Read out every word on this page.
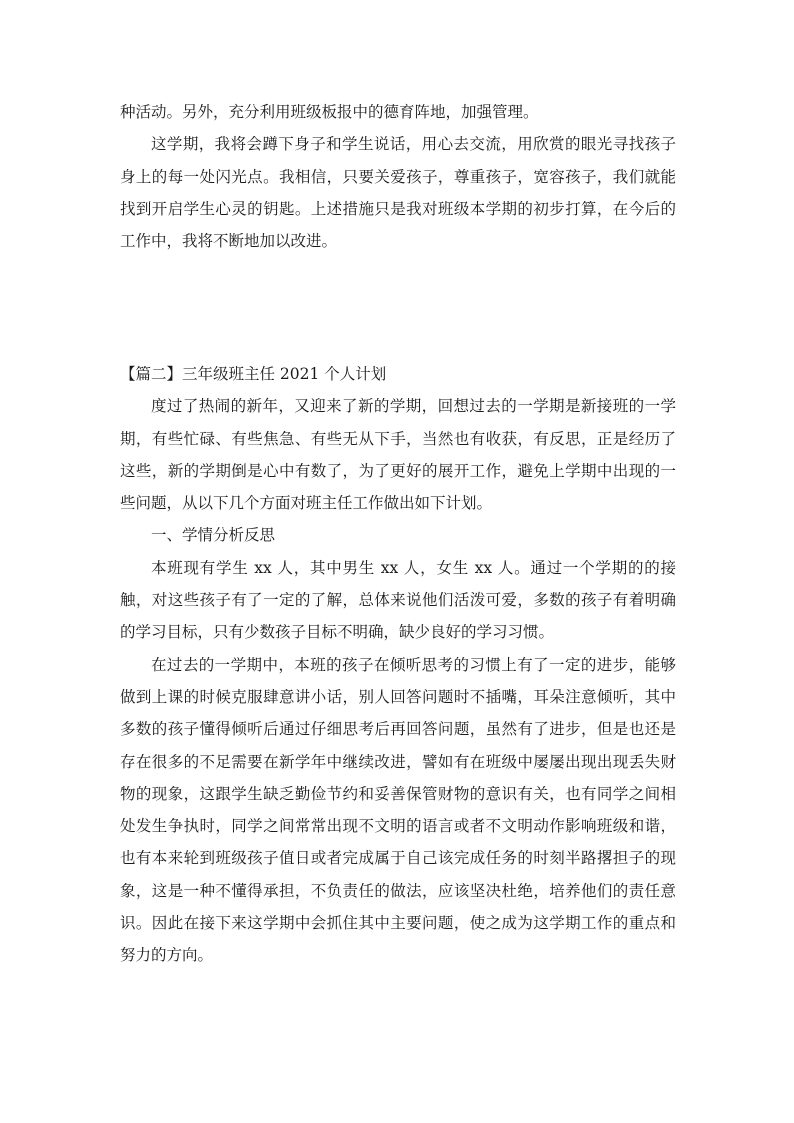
种活动。另外，充分利用班级板报中的德育阵地，加强管理。

这学期，我将会蹲下身子和学生说话，用心去交流，用欣赏的眼光寻找孩子身上的每一处闪光点。我相信，只要关爱孩子，尊重孩子，宽容孩子，我们就能找到开启学生心灵的钥匙。上述措施只是我对班级本学期的初步打算，在今后的工作中，我将不断地加以改进。

【篇二】三年级班主任 2021 个人计划

度过了热闹的新年，又迎来了新的学期，回想过去的一学期是新接班的一学期，有些忙碌、有些焦急、有些无从下手，当然也有收获，有反思，正是经历了这些，新的学期倒是心中有数了，为了更好的展开工作，避免上学期中出现的一些问题，从以下几个方面对班主任工作做出如下计划。

一、学情分析反思

本班现有学生 xx 人，其中男生 xx 人，女生 xx 人。通过一个学期的的接触，对这些孩子有了一定的了解，总体来说他们活泼可爱，多数的孩子有着明确的学习目标，只有少数孩子目标不明确，缺少良好的学习习惯。

在过去的一学期中，本班的孩子在倾听思考的习惯上有了一定的进步，能够做到上课的时候克服肆意讲小话，别人回答问题时不插嘴，耳朵注意倾听，其中多数的孩子懂得倾听后通过仔细思考后再回答问题，虽然有了进步，但是也还是存在很多的不足需要在新学年中继续改进，譬如有在班级中屡屡出现出现丢失财物的现象，这跟学生缺乏勤俭节约和妥善保管财物的意识有关，也有同学之间相处发生争执时，同学之间常常出现不文明的语言或者不文明动作影响班级和谐，也有本来轮到班级孩子值日或者完成属于自己该完成任务的时刻半路撂担子的现象，这是一种不懂得承担，不负责任的做法，应该坚决杜绝，培养他们的责任意识。因此在接下来这学期中会抓住其中主要问题，使之成为这学期工作的重点和努力的方向。
